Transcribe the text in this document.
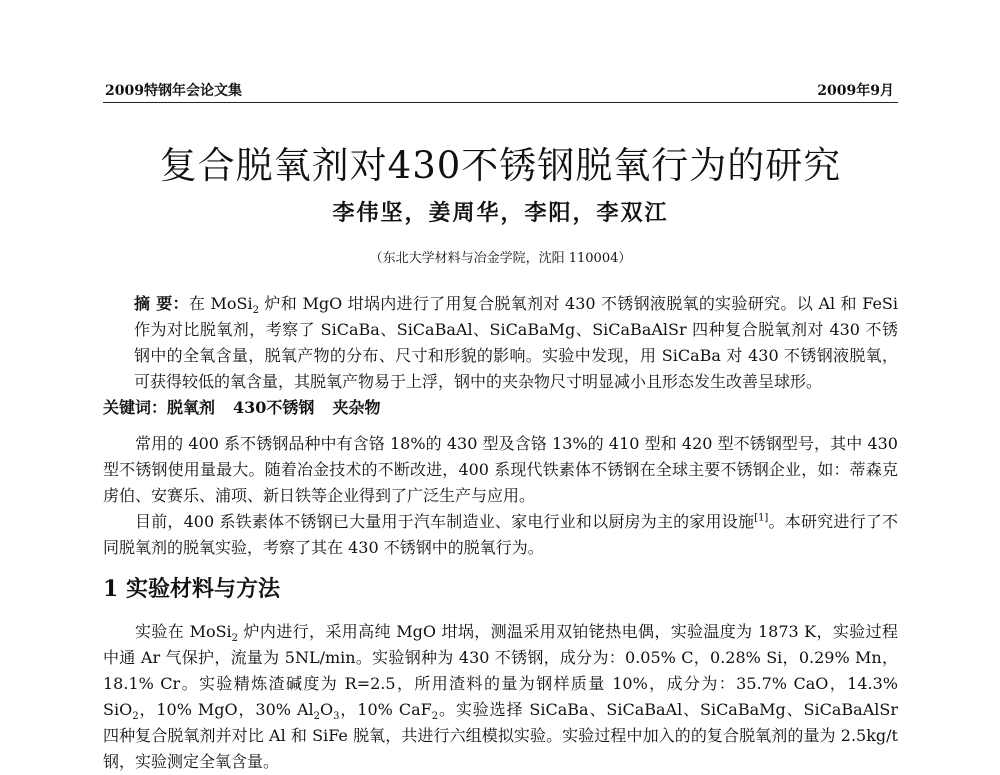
2009特钢年会论文集	2009年9月
复合脱氧剂对430不锈钢脱氧行为的研究
李伟坚，姜周华，李阳，李双江
（东北大学材料与冶金学院，沈阳 110004）
摘 要：在 MoSi$_2$ 炉和 MgO 坩埚内进行了用复合脱氧剂对 430 不锈钢液脱氧的实验研究。以 Al 和 FeSi 作为对比脱氧剂，考察了 SiCaBa、SiCaBaAl、SiCaBaMg、SiCaBaAlSr 四种复合脱氧剂对 430 不锈钢中的全氧含量，脱氧产物的分布、尺寸和形貌的影响。实验中发现，用 SiCaBa 对 430 不锈钢液脱氧，可获得较低的氧含量，其脱氧产物易于上浮，钢中的夹杂物尺寸明显减小且形态发生改善呈球形。
关键词：脱氧剂 430不锈钢 夹杂物

常用的 400 系不锈钢品种中有含铬 18%的 430 型及含铬 13%的 410 型和 420 型不锈钢型号，其中 430 型不锈钢使用量最大。随着冶金技术的不断改进，400 系现代铁素体不锈钢在全球主要不锈钢企业，如：蒂森克虏伯、安赛乐、浦项、新日铁等企业得到了广泛生产与应用。

目前，400 系铁素体不锈钢已大量用于汽车制造业、家电行业和以厨房为主的家用设施[1]。本研究进行了不同脱氧剂的脱氧实验，考察了其在 430 不锈钢中的脱氧行为。

1 实验材料与方法

实验在 MoSi$_2$ 炉内进行，采用高纯 MgO 坩埚，测温采用双铂铑热电偶，实验温度为 1873 K，实验过程中通 Ar 气保护，流量为 5NL/min。实验钢种为 430 不锈钢，成分为：0.05% C，0.28% Si，0.29% Mn，18.1% Cr。实验精炼渣碱度为 R=2.5，所用渣料的量为钢样质量 10%，成分为：35.7% CaO，14.3% SiO$_2$，10% MgO，30% $Al_2O_3$，10% CaF$_2$。实验选择 SiCaBa、SiCaBaAl、SiCaBaMg、SiCaBaAlSr 四种复合脱氧剂并对比 Al 和 SiFe 脱氧，共进行六组模拟实验。实验过程中加入的的复合脱氧剂的量为 2.5kg/t 钢，实验测定全氧含量。
